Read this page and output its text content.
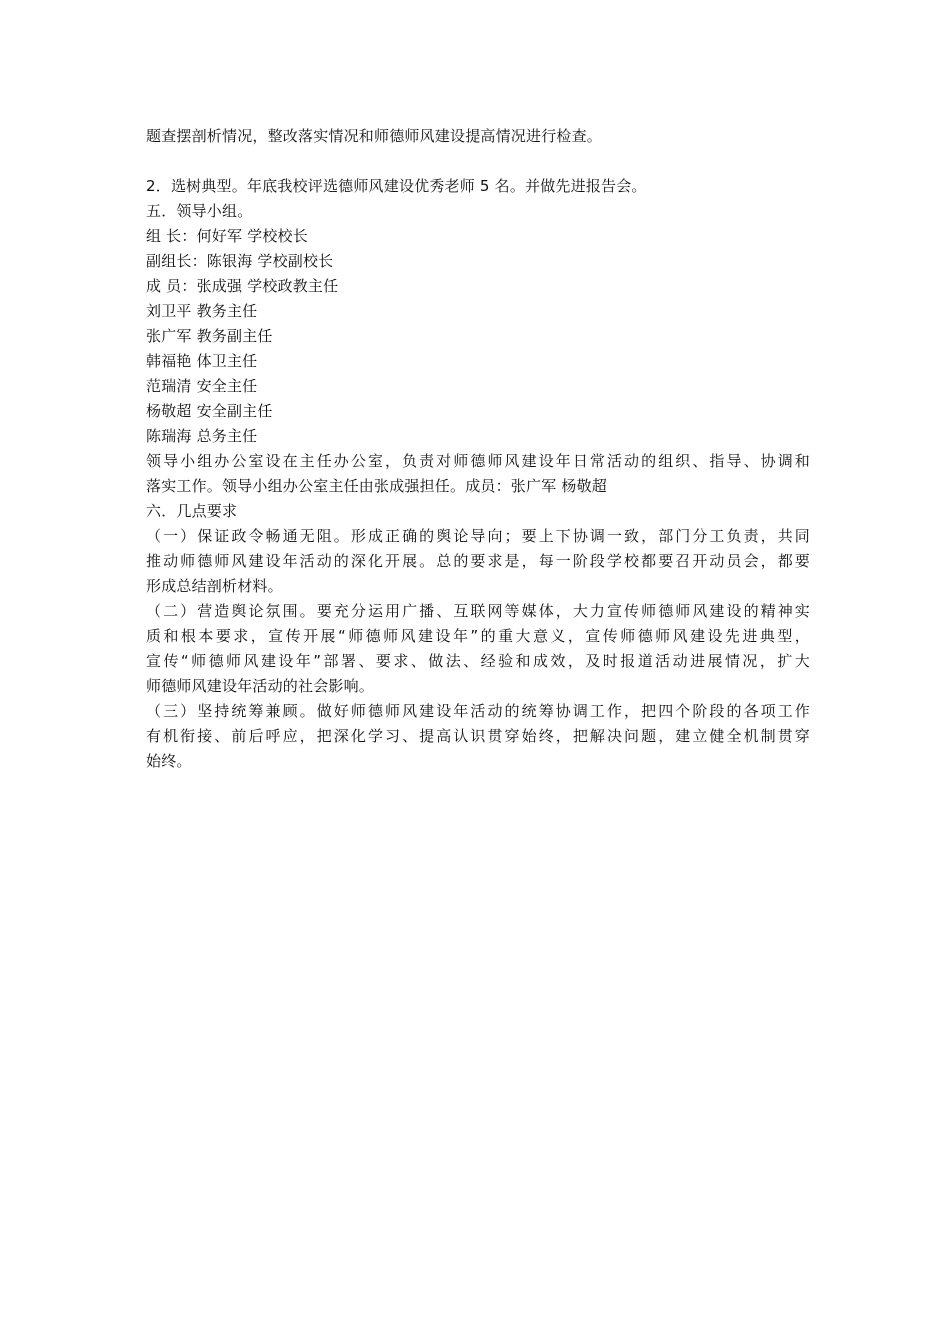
题查摆剖析情况，整改落实情况和师德师风建设提高情况进行检查。
2．选树典型。年底我校评选德师风建设优秀老师 5 名。并做先进报告会。
五．领导小组。
组 长：何好军 学校校长
副组长：陈银海 学校副校长
成 员：张成强 学校政教主任
刘卫平 教务主任
张广军 教务副主任
韩福艳 体卫主任
范瑞清 安全主任
杨敬超 安全副主任
陈瑞海 总务主任
领导小组办公室设在主任办公室，负责对师德师风建设年日常活动的组织、指导、协调和
落实工作。领导小组办公室主任由张成强担任。成员：张广军 杨敬超
六．几点要求
（一）保证政令畅通无阻。形成正确的舆论导向；要上下协调一致，部门分工负责，共同
推动师德师风建设年活动的深化开展。总的要求是，每一阶段学校都要召开动员会，都要
形成总结剖析材料。
（二）营造舆论氛围。要充分运用广播、互联网等媒体，大力宣传师德师风建设的精神实
质和根本要求，宣传开展“师德师风建设年”的重大意义，宣传师德师风建设先进典型，
宣传“师德师风建设年”部署、要求、做法、经验和成效，及时报道活动进展情况，扩大
师德师风建设年活动的社会影响。
（三）坚持统筹兼顾。做好师德师风建设年活动的统筹协调工作，把四个阶段的各项工作
有机衔接、前后呼应，把深化学习、提高认识贯穿始终，把解决问题，建立健全机制贯穿
始终。
